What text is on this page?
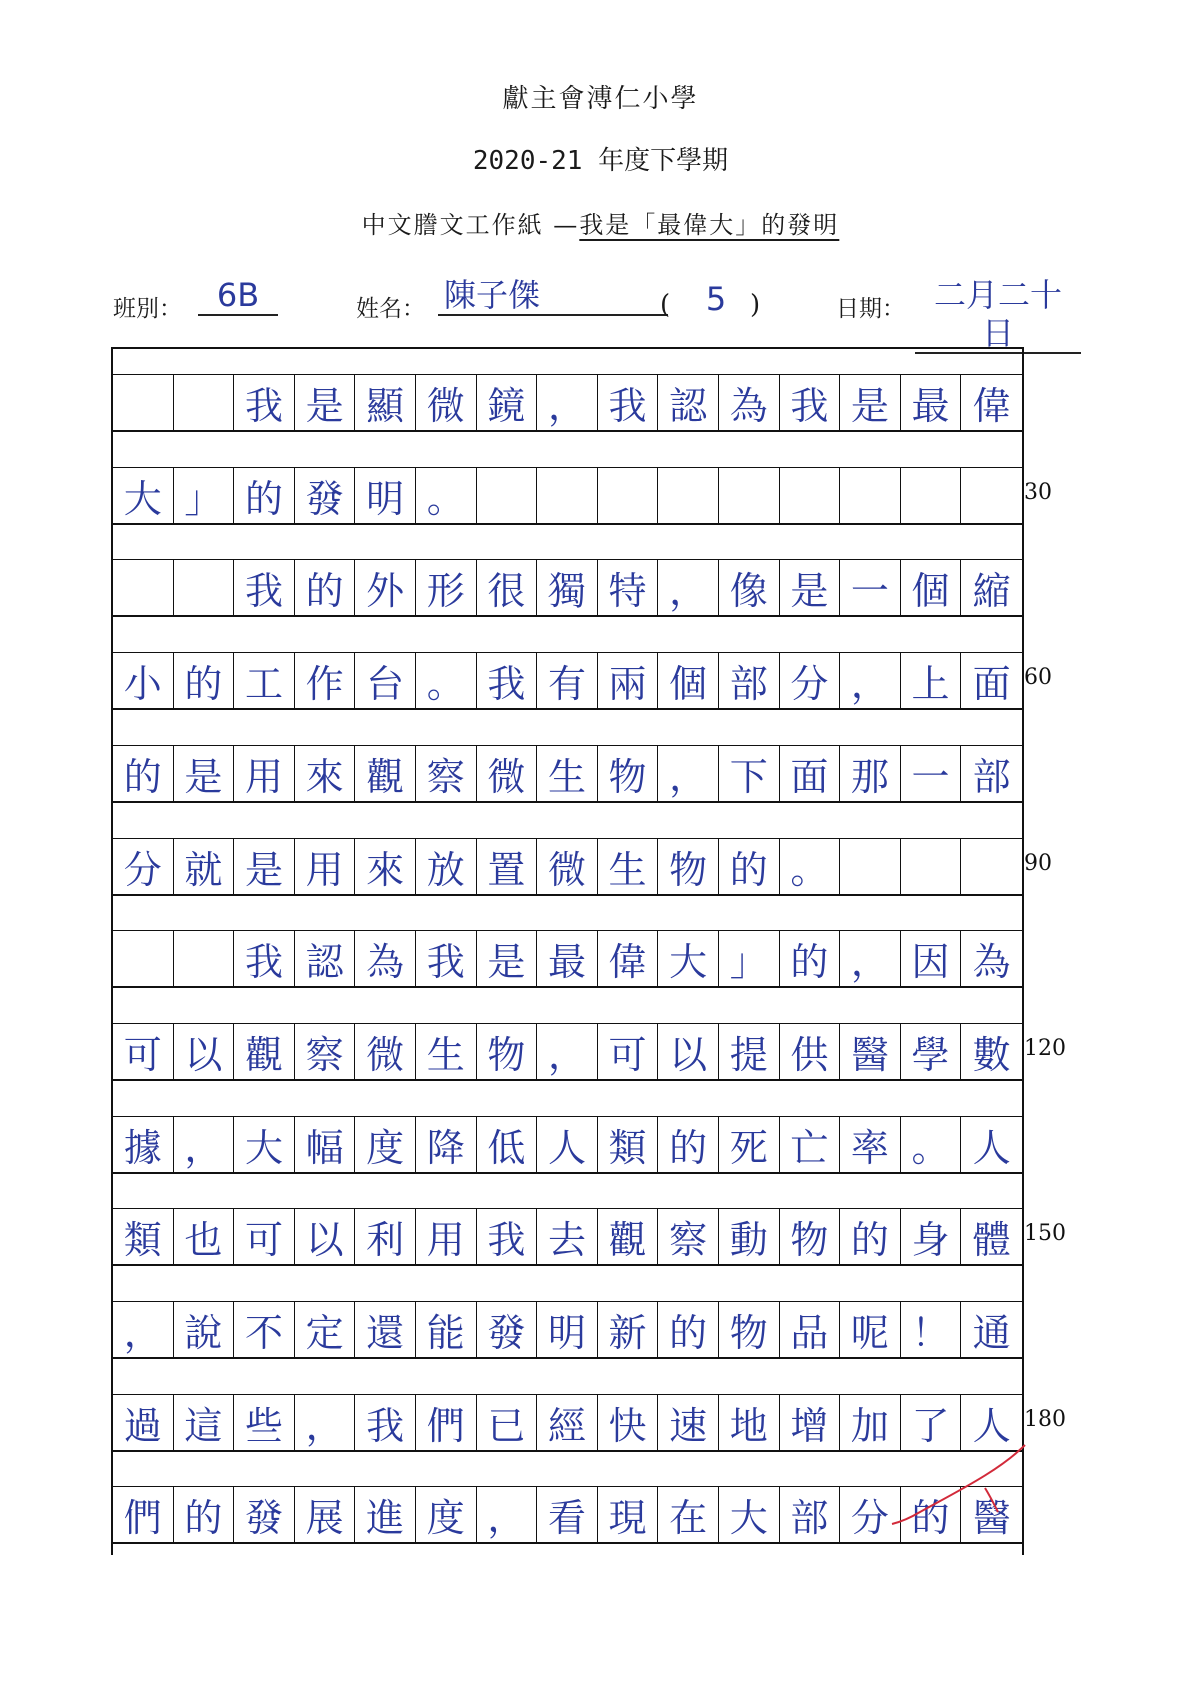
獻主會溥仁小學
2020-21 年度下學期
中文謄文工作紙 —我是「最偉大」的發明
班別：	6B	姓名： 陳子傑	(	5 )	日期： 二月二十日
我 是 顯 微 鏡 ， 我 認 為 我 是 最 偉
大 」 的 發 明 。
我 的 外 形 很 獨 特 ， 像 是 一 個 縮
小 的 工 作 台 。 我 有 兩 個 部 分 ， 上 面
的 是 用 來 觀 察 微 生 物 ， 下 面 那 一 部
分 就 是 用 來 放 置 微 生 物 的 。
我 認 為 我 是 最 偉 大 」 的 ， 因 為
可 以 觀 察 微 生 物 ， 可 以 提 供 醫 學 數
據 ， 大 幅 度 降 低 人 類 的 死 亡 率 。 人
類 也 可 以 利 用 我 去 觀 察 動 物 的 身 體
， 說 不 定 還 能 發 明 新 的 物 品 呢 ！ 通
過 這 些 ， 我 們 已 經 快 速 地 增 加 了 人
們 的 發 展 進 度 ， 看 現 在 大 部 分 的 醫
30
60
90
120
150
180
